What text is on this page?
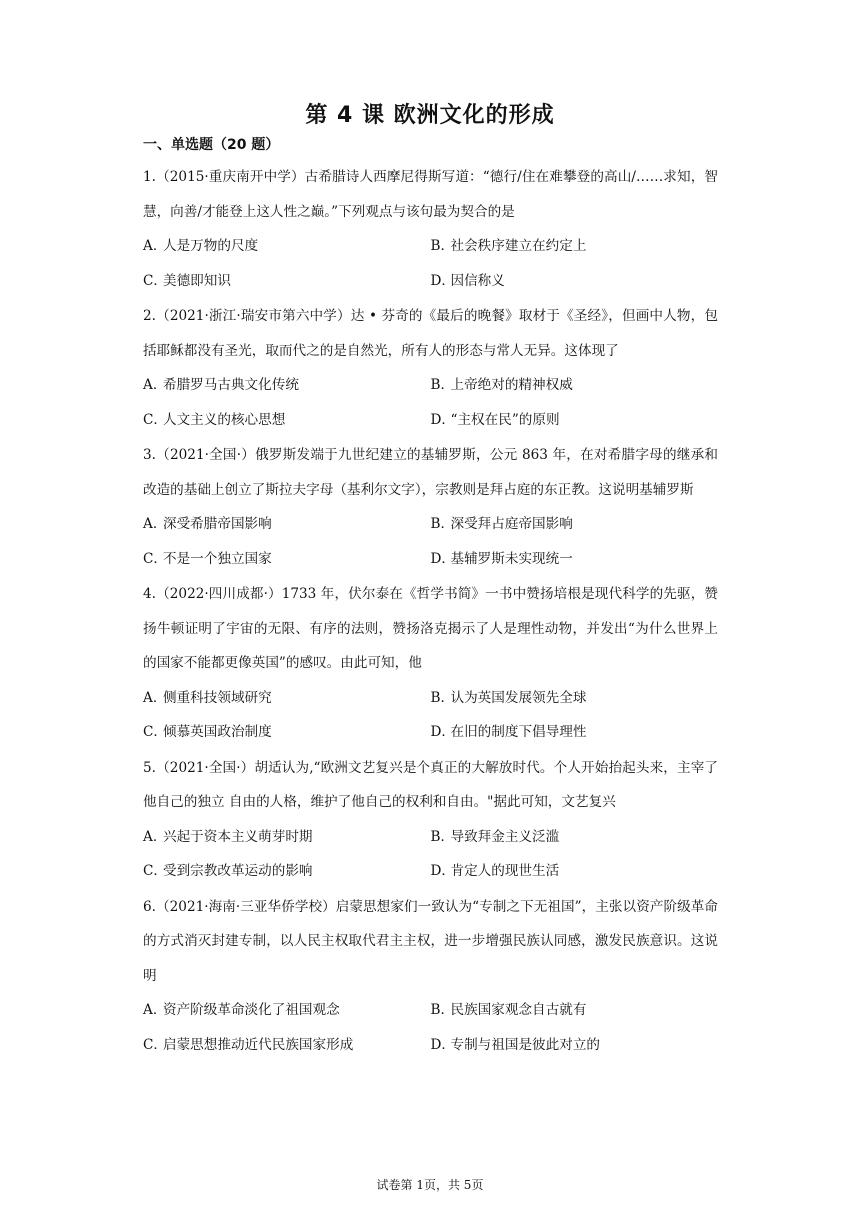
第 4 课 欧洲文化的形成
一、单选题（20 题）

1.（2015·重庆南开中学）古希腊诗人西摩尼得斯写道：“德行/住在难攀登的高山/……求知，智慧，向善/才能登上这人性之巅。”下列观点与该句最为契合的是

A．人是万物的尺度	B．社会秩序建立在约定上
C．美德即知识	D．因信称义

2.（2021·浙江·瑞安市第六中学）达 • 芬奇的《最后的晚餐》取材于《圣经》，但画中人物，包括耶稣都没有圣光，取而代之的是自然光，所有人的形态与常人无异。这体现了

A．希腊罗马古典文化传统	B．上帝绝对的精神权威
C．人文主义的核心思想	D．“主权在民”的原则

3.（2021·全国·）俄罗斯发端于九世纪建立的基辅罗斯，公元 863 年，在对希腊字母的继承和改造的基础上创立了斯拉夫字母（基利尔文字），宗教则是拜占庭的东正教。这说明基辅罗斯

A．深受希腊帝国影响	B．深受拜占庭帝国影响
C．不是一个独立国家	D．基辅罗斯未实现统一

4.（2022·四川成都·）1733 年，伏尔泰在《哲学书简》一书中赞扬培根是现代科学的先驱，赞扬牛顿证明了宇宙的无限、有序的法则，赞扬洛克揭示了人是理性动物，并发出“为什么世界上的国家不能都更像英国”的感叹。由此可知，他

A．侧重科技领域研究	B．认为英国发展领先全球
C．倾慕英国政治制度	D．在旧的制度下倡导理性

5.（2021·全国·）胡适认为,“欧洲文艺复兴是个真正的大解放时代。个人开始抬起头来，主宰了他自己的独立 自由的人格，维护了他自己的权利和自由。"据此可知，文艺复兴

A．兴起于资本主义萌芽时期	B．导致拜金主义泛滥
C．受到宗教改革运动的影响	D．肯定人的现世生活

6.（2021·海南·三亚华侨学校）启蒙思想家们一致认为“专制之下无祖国”，主张以资产阶级革命的方式消灭封建专制，以人民主权取代君主主权，进一步增强民族认同感，激发民族意识。这说明

A．资产阶级革命淡化了祖国观念	B．民族国家观念自古就有
C．启蒙思想推动近代民族国家形成	D．专制与祖国是彼此对立的
试卷第 1页，共 5页
